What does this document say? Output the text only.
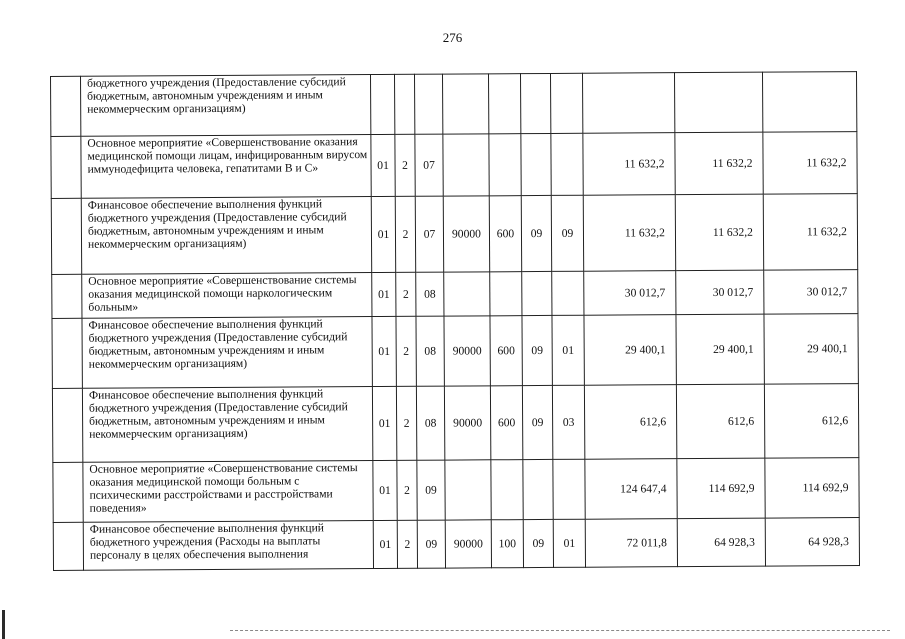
276
	бюджетного учреждения (Предоставление субсидий бюджетным, автономным учреждениям и иным некоммерческим организациям)										
	Основное мероприятие «Совершенствование оказания медицинской помощи лицам, инфицированным вирусом иммунодефицита человека, гепатитами В и С»	01	2	07					11 632,2	11 632,2	11 632,2
	Финансовое обеспечение выполнения функций бюджетного учреждения (Предоставление субсидий бюджетным, автономным учреждениям и иным некоммерческим организациям)	01	2	07	90000	600	09	09	11 632,2	11 632,2	11 632,2
	Основное мероприятие «Совершенствование системы оказания медицинской помощи наркологическим больным»	01	2	08					30 012,7	30 012,7	30 012,7
	Финансовое обеспечение выполнения функций бюджетного учреждения (Предоставление субсидий бюджетным, автономным учреждениям и иным некоммерческим организациям)	01	2	08	90000	600	09	01	29 400,1	29 400,1	29 400,1
	Финансовое обеспечение выполнения функций бюджетного учреждения (Предоставление субсидий бюджетным, автономным учреждениям и иным некоммерческим организациям)	01	2	08	90000	600	09	03	612,6	612,6	612,6
	Основное мероприятие «Совершенствование системы оказания медицинской помощи больным с психическими расстройствами и расстройствами поведения»	01	2	09					124 647,4	114 692,9	114 692,9
	Финансовое обеспечение выполнения функций бюджетного учреждения (Расходы на выплаты персоналу в целях обеспечения выполнения	01	2	09	90000	100	09	01	72 011,8	64 928,3	64 928,3
